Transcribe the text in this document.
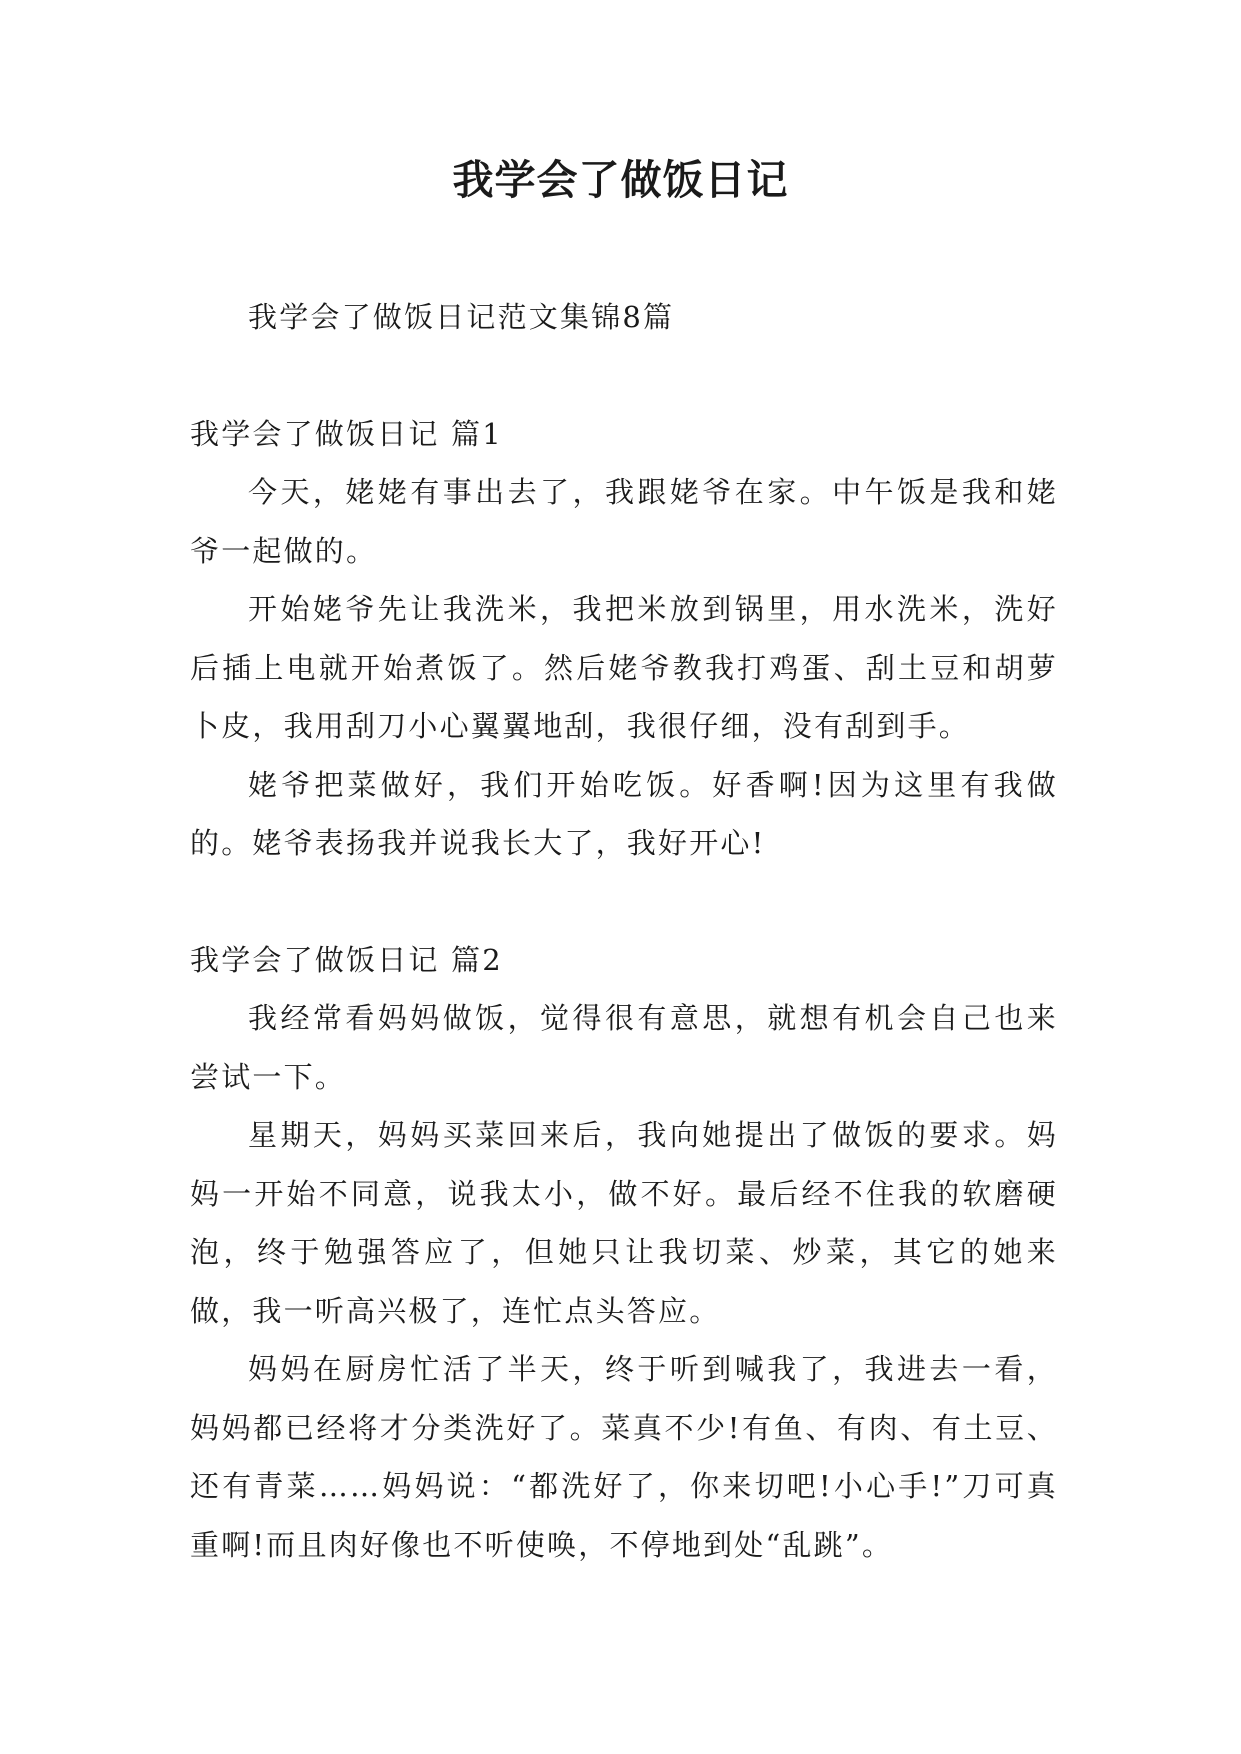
我学会了做饭日记

我学会了做饭日记范文集锦8篇

我学会了做饭日记 篇1

今天，姥姥有事出去了，我跟姥爷在家。中午饭是我和姥爷一起做的。

开始姥爷先让我洗米，我把米放到锅里，用水洗米，洗好后插上电就开始煮饭了。然后姥爷教我打鸡蛋、刮土豆和胡萝卜皮，我用刮刀小心翼翼地刮，我很仔细，没有刮到手。

姥爷把菜做好，我们开始吃饭。好香啊!因为这里有我做的。姥爷表扬我并说我长大了，我好开心!

我学会了做饭日记 篇2

我经常看妈妈做饭，觉得很有意思，就想有机会自己也来尝试一下。

星期天，妈妈买菜回来后，我向她提出了做饭的要求。妈妈一开始不同意，说我太小，做不好。最后经不住我的软磨硬泡，终于勉强答应了，但她只让我切菜、炒菜，其它的她来做，我一听高兴极了，连忙点头答应。

妈妈在厨房忙活了半天，终于听到喊我了，我进去一看，妈妈都已经将才分类洗好了。菜真不少!有鱼、有肉、有土豆、还有青菜……妈妈说：“都洗好了，你来切吧!小心手!”刀可真重啊!而且肉好像也不听使唤，不停地到处“乱跳”。
